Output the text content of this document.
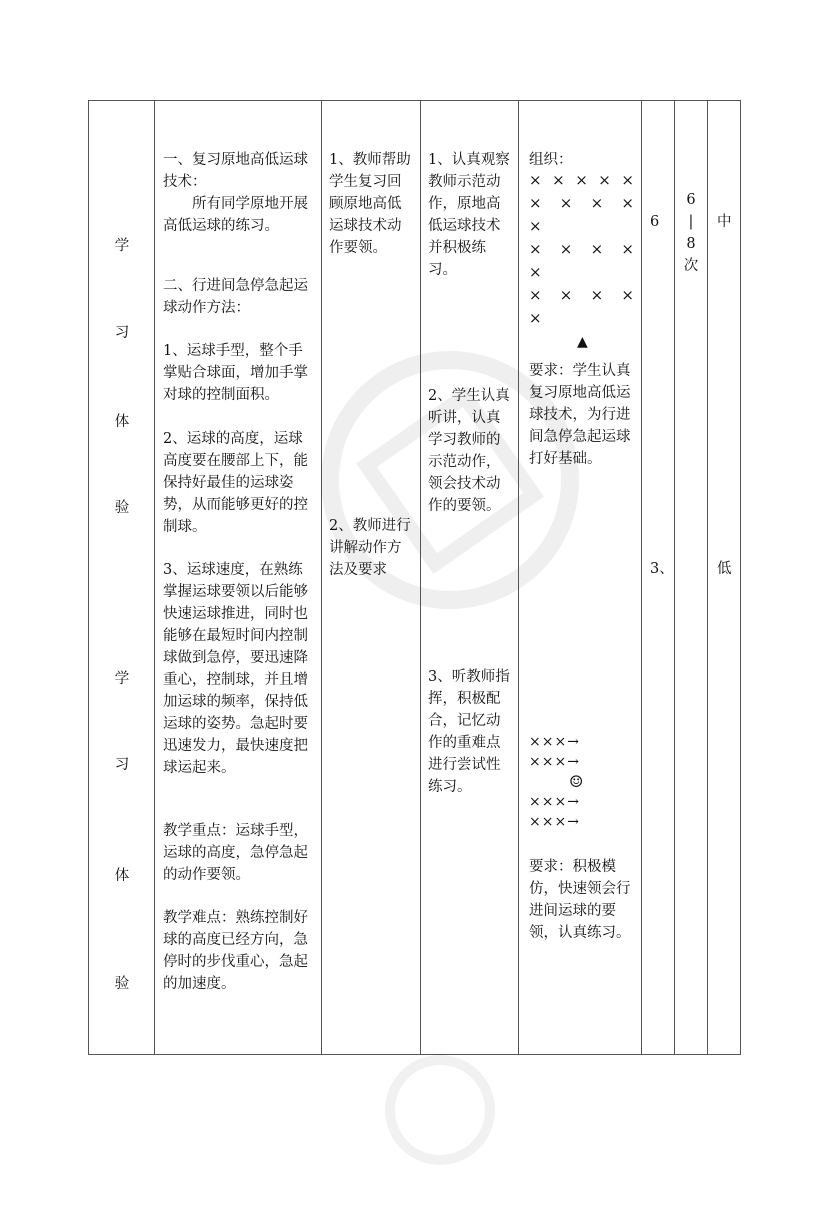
学
习
体
验
学
习
体
验

一、复习原地高低运球技术：

所有同学原地开展高低运球的练习。

二、行进间急停急起运球动作方法：

1、运球手型，整个手掌贴合球面，增加手掌对球的控制面积。

2、运球的高度，运球高度要在腰部上下，能保持好最佳的运球姿势，从而能够更好的控制球。

3、运球速度，在熟练掌握运球要领以后能够快速运球推进，同时也能够在最短时间内控制球做到急停，要迅速降重心，控制球，并且增加运球的频率，保持低运球的姿势。急起时要迅速发力，最快速度把球运起来。

教学重点：运球手型，运球的高度，急停急起的动作要领。

教学难点：熟练控制好球的高度已经方向，急停时的步伐重心，急起的加速度。

1、教师帮助学生复习回顾原地高低运球技术动作要领。
2、教师进行讲解动作方法及要求
1、认真观察教师示范动作，原地高低运球技术并积极练习。
2、学生认真听讲，认真学习教师的示范动作，领会技术动作的要领。
3、听教师指挥，积极配合，记忆动作的重难点进行尝试性练习。
组织：
× × × × ×
× × × ×
×
× × × ×
×
× × × ×
×
▲
要求：学生认真复习原地高低运球技术，为行进间急停急起运球打好基础。
×××→
×××→
☺
×××→
×××→
要求：积极模仿，快速领会行进间运球的要领，认真练习。
6
3、
6
|
8
次
中
低
